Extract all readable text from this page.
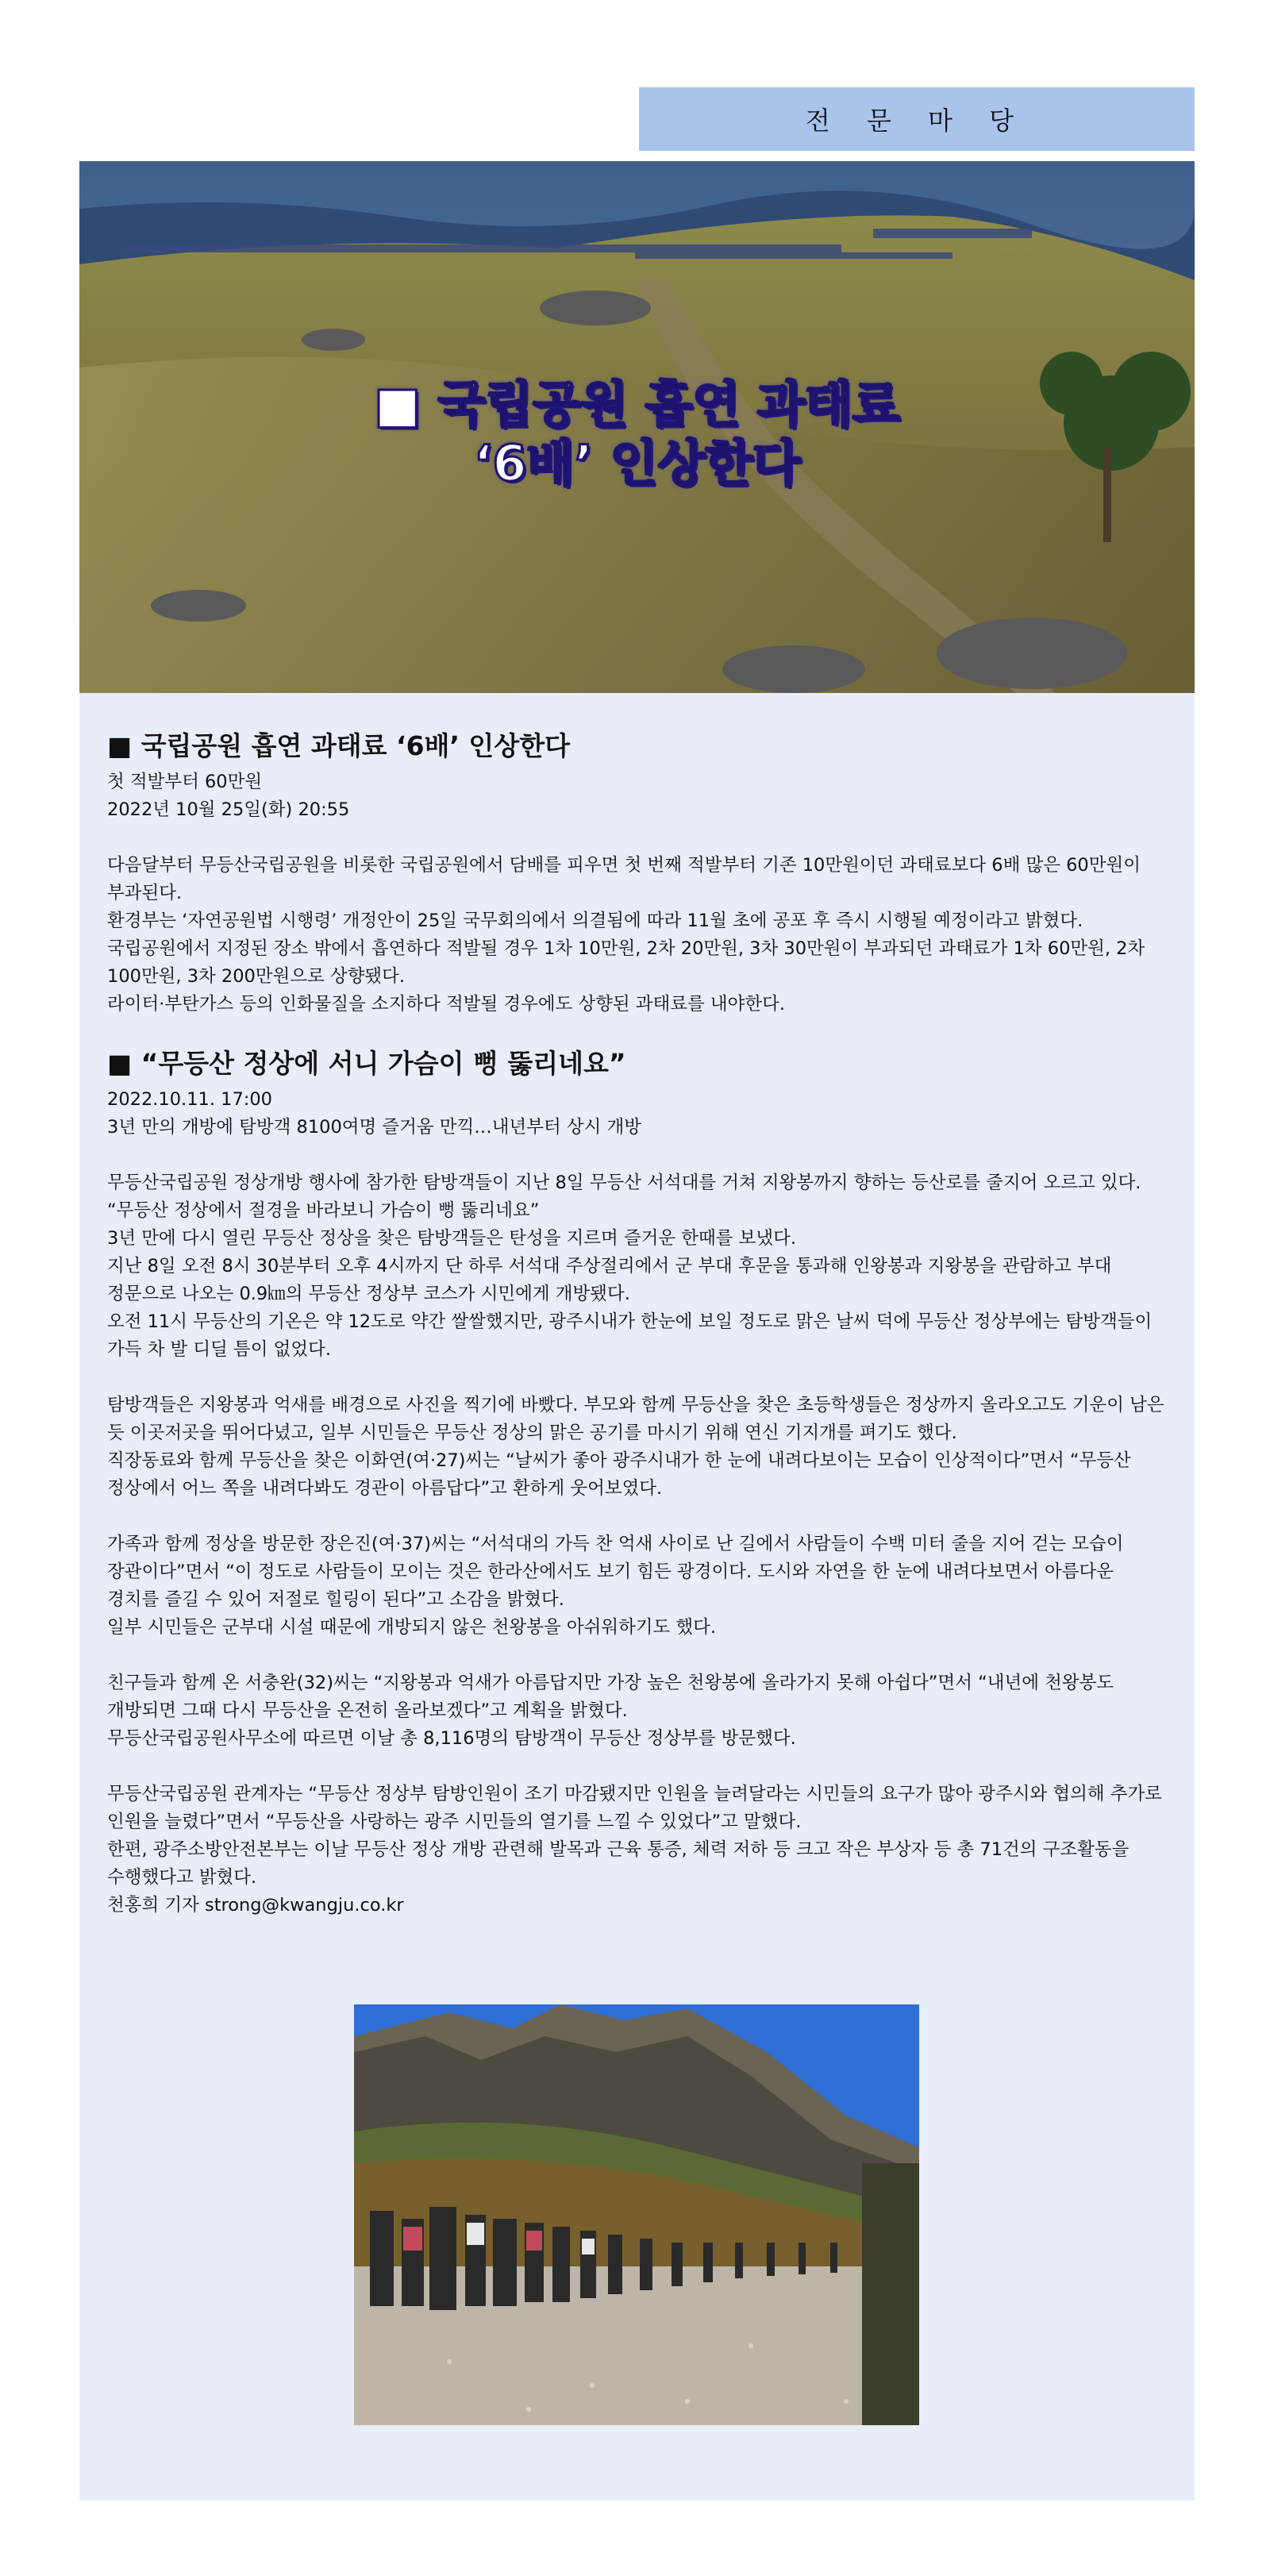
전 문 마 당
■ 국립공원 흡연 과태료
‘6배’ 인상한다

■ 국립공원 흡연 과태료 ‘6배’ 인상한다

첫 적발부터 60만원

2022년 10월 25일(화) 20:55

다음달부터 무등산국립공원을 비롯한 국립공원에서 담배를 피우면 첫 번째 적발부터 기존 10만원이던 과태료보다 6배 많은 60만원이
부과된다.

환경부는 ‘자연공원법 시행령’ 개정안이 25일 국무회의에서 의결됨에 따라 11월 초에 공포 후 즉시 시행될 예정이라고 밝혔다.

국립공원에서 지정된 장소 밖에서 흡연하다 적발될 경우 1차 10만원, 2차 20만원, 3차 30만원이 부과되던 과태료가 1차 60만원, 2차
100만원, 3차 200만원으로 상향됐다.

라이터·부탄가스 등의 인화물질을 소지하다 적발될 경우에도 상향된 과태료를 내야한다.

■ “무등산 정상에 서니 가슴이 뻥 뚫리네요”

2022.10.11. 17:00

3년 만의 개방에 탐방객 8100여명 즐거움 만끽…내년부터 상시 개방

무등산국립공원 정상개방 행사에 참가한 탐방객들이 지난 8일 무등산 서석대를 거쳐 지왕봉까지 향하는 등산로를 줄지어 오르고 있다.

“무등산 정상에서 절경을 바라보니 가슴이 뻥 뚫리네요”

3년 만에 다시 열린 무등산 정상을 찾은 탐방객들은 탄성을 지르며 즐거운 한때를 보냈다.

지난 8일 오전 8시 30분부터 오후 4시까지 단 하루 서석대 주상절리에서 군 부대 후문을 통과해 인왕봉과 지왕봉을 관람하고 부대
정문으로 나오는 0.9㎞의 무등산 정상부 코스가 시민에게 개방됐다.

오전 11시 무등산의 기온은 약 12도로 약간 쌀쌀했지만, 광주시내가 한눈에 보일 정도로 맑은 날씨 덕에 무등산 정상부에는 탐방객들이
가득 차 발 디딜 틈이 없었다.

탐방객들은 지왕봉과 억새를 배경으로 사진을 찍기에 바빴다. 부모와 함께 무등산을 찾은 초등학생들은 정상까지 올라오고도 기운이 남은
듯 이곳저곳을 뛰어다녔고, 일부 시민들은 무등산 정상의 맑은 공기를 마시기 위해 연신 기지개를 펴기도 했다.

직장동료와 함께 무등산을 찾은 이화연(여·27)씨는 “날씨가 좋아 광주시내가 한 눈에 내려다보이는 모습이 인상적이다”면서 “무등산
정상에서 어느 쪽을 내려다봐도 경관이 아름답다”고 환하게 웃어보였다.

가족과 함께 정상을 방문한 장은진(여·37)씨는 “서석대의 가득 찬 억새 사이로 난 길에서 사람들이 수백 미터 줄을 지어 걷는 모습이
장관이다”면서 “이 정도로 사람들이 모이는 것은 한라산에서도 보기 힘든 광경이다. 도시와 자연을 한 눈에 내려다보면서 아름다운
경치를 즐길 수 있어 저절로 힐링이 된다”고 소감을 밝혔다.

일부 시민들은 군부대 시설 때문에 개방되지 않은 천왕봉을 아쉬워하기도 했다.

친구들과 함께 온 서충완(32)씨는 “지왕봉과 억새가 아름답지만 가장 높은 천왕봉에 올라가지 못해 아쉽다”면서 “내년에 천왕봉도
개방되면 그때 다시 무등산을 온전히 올라보겠다”고 계획을 밝혔다.

무등산국립공원사무소에 따르면 이날 총 8,116명의 탐방객이 무등산 정상부를 방문했다.

무등산국립공원 관계자는 “무등산 정상부 탐방인원이 조기 마감됐지만 인원을 늘려달라는 시민들의 요구가 많아 광주시와 협의해 추가로
인원을 늘렸다”면서 “무등산을 사랑하는 광주 시민들의 열기를 느낄 수 있었다”고 말했다.

한편, 광주소방안전본부는 이날 무등산 정상 개방 관련해 발목과 근육 통증, 체력 저하 등 크고 작은 부상자 등 총 71건의 구조활동을
수행했다고 밝혔다.

천홍희 기자 strong@kwangju.co.kr
